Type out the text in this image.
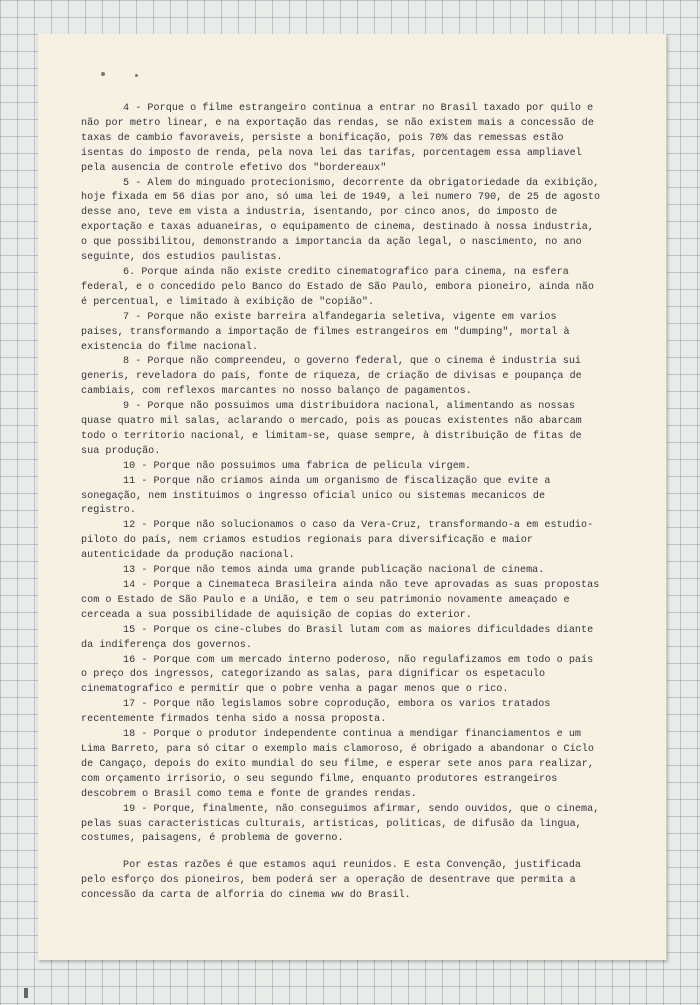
4 - Porque o filme estrangeiro continua a entrar no Brasil taxado por quilo e não por metro linear, e na exportação das rendas, se não existem mais a concessão de taxas de cambio favoraveis, persiste a bonificação, pois 70% das remessas estão isentas do imposto de renda, pela nova lei das tarifas, porcentagem essa ampliavel pela ausencia de controle efetivo dos "bordereaux"

5 - Alem do minguado protecionismo, decorrente da obrigatoriedade da exibição, hoje fixada em 56 dias por ano, só uma lei de 1949, a lei numero 790, de 25 de agosto desse ano, teve em vista a industria, isentando, por cinco anos, do imposto de exportação e taxas aduaneiras, o equipamento de cinema, destinado à nossa industria, o que possibilitou, demonstrando a importancia da ação legal, o nascimento, no ano seguinte, dos estudios paulistas.

6. Porque ainda não existe credito cinematografico para cinema, na esfera federal, e o concedido pelo Banco do Estado de São Paulo, embora pioneiro, ainda não é percentual, e limitado à exibição de "copião".

7 - Porque não existe barreira alfandegaria seletiva, vigente em varios paises, transformando a importação de filmes estrangeiros em "dumping", mortal à existencia do filme nacional.

8 - Porque não compreendeu, o governo federal, que o cinema é industria sui generis, reveladora do país, fonte de riqueza, de criação de divisas e poupança de cambiais, com reflexos marcantes no nosso balanço de pagamentos.

9 - Porque não possuimos uma distribuidora nacional, alimentando as nossas quase quatro mil salas, aclarando o mercado, pois as poucas existentes não abarcam todo o territorio nacional, e limitam-se, quase sempre, à distribuição de fitas de sua produção.

10 - Porque não possuimos uma fabrica de pelicula virgem.

11 - Porque não criamos ainda um organismo de fiscalização que evite a sonegação, nem instituimos o ingresso oficial unico ou sistemas mecanicos de registro.

12 - Porque não solucionamos o caso da Vera-Cruz, transformando-a em estudio-piloto do país, nem criamos estudios regionais para diversificação e maior autenticidade da produção nacional.

13 - Porque não temos ainda uma grande publicação nacional de cinema.

14 - Porque a Cinemateca Brasileira ainda não teve aprovadas as suas propostas com o Estado de São Paulo e a União, e tem o seu patrimonio novamente ameaçado e cerceada a sua possibilidade de aquisição de copias do exterior.

15 - Porque os cine-clubes do Brasil lutam com as maiores dificuldades diante da indiferença dos governos.

16 - Porque com um mercado interno poderoso, não regulafizamos em todo o país o preço dos ingressos, categorizando as salas, para dignificar os espetaculo cinematografico e permitir que o pobre venha a pagar menos que o rico.

17 - Porque não legislamos sobre coprodução, embora os varios tratados recentemente firmados tenha sido a nossa proposta.

18 - Porque o produtor independente continua a mendigar financiamentos e um Lima Barreto, para só citar o exemplo mais clamoroso, é obrigado a abandonar o Ciclo de Cangaço, depois do exito mundial do seu filme, e esperar sete anos para realizar, com orçamento irrisorio, o seu segundo filme, enquanto produtores estrangeiros descobrem o Brasil como tema e fonte de grandes rendas.

19 - Porque, finalmente, não conseguimos afirmar, sendo ouvidos, que o cinema, pelas suas caracteristicas culturais, artisticas, politicas, de difusão da lingua, costumes, paisagens, é problema de governo.

Por estas razões é que estamos aqui reunidos. E esta Convenção, justificada pelo esforço dos pioneiros, bem poderá ser a operação de desentrave que permita a concessão da carta de alforria do cinema ww do Brasil.
